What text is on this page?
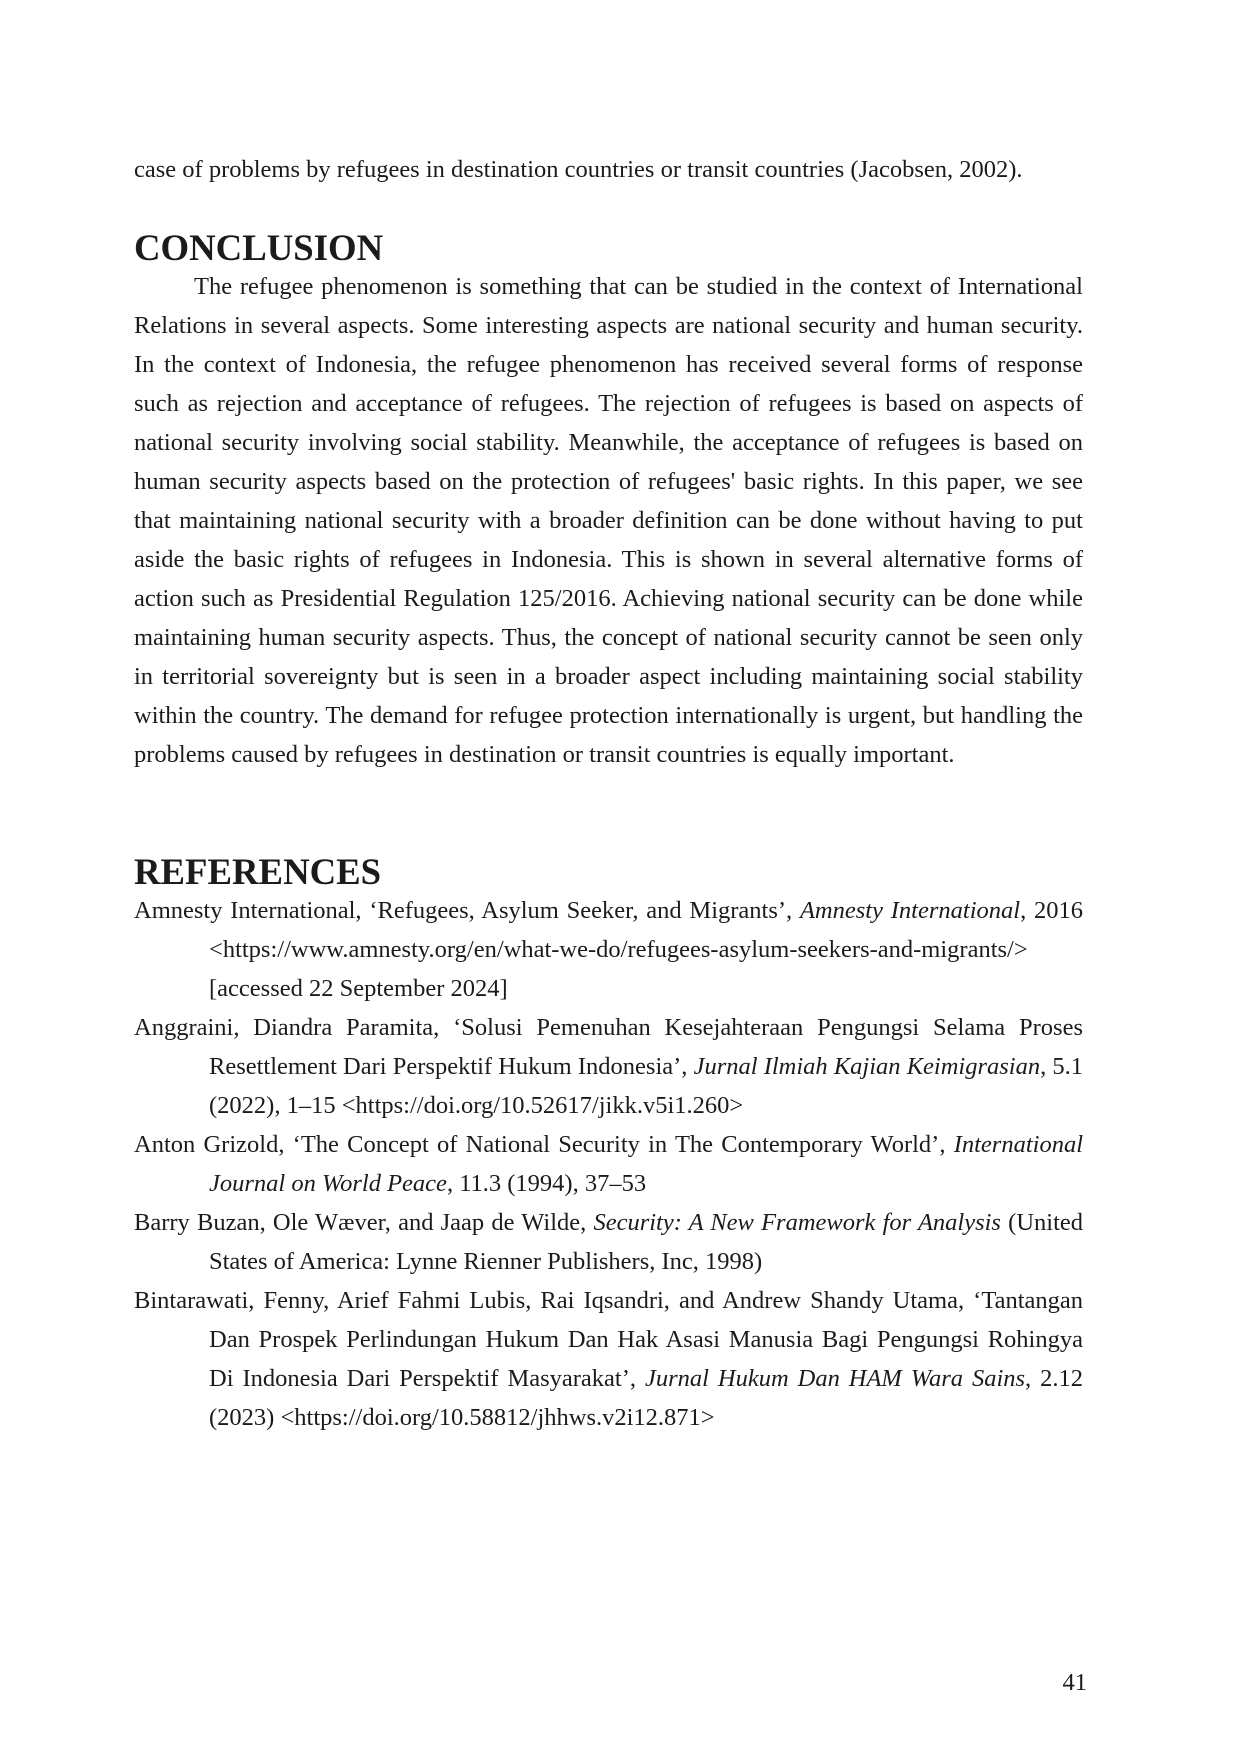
case of problems by refugees in destination countries or transit countries (Jacobsen, 2002).

CONCLUSION

The refugee phenomenon is something that can be studied in the context of International Relations in several aspects. Some interesting aspects are national security and human security. In the context of Indonesia, the refugee phenomenon has received several forms of response such as rejection and acceptance of refugees. The rejection of refugees is based on aspects of national security involving social stability. Meanwhile, the acceptance of refugees is based on human security aspects based on the protection of refugees' basic rights. In this paper, we see that maintaining national security with a broader definition can be done without having to put aside the basic rights of refugees in Indonesia. This is shown in several alternative forms of action such as Presidential Regulation 125/2016. Achieving national security can be done while maintaining human security aspects. Thus, the concept of national security cannot be seen only in territorial sovereignty but is seen in a broader aspect including maintaining social stability within the country. The demand for refugee protection internationally is urgent, but handling the problems caused by refugees in destination or transit countries is equally important.

REFERENCES

Amnesty International, ‘Refugees, Asylum Seeker, and Migrants’, Amnesty International, 2016 <https://www.amnesty.org/en/what-we-do/refugees-asylum-seekers-and-migrants/> [accessed 22 September 2024]

Anggraini, Diandra Paramita, ‘Solusi Pemenuhan Kesejahteraan Pengungsi Selama Proses Resettlement Dari Perspektif Hukum Indonesia’, Jurnal Ilmiah Kajian Keimigrasian, 5.1 (2022), 1–15 <https://doi.org/10.52617/jikk.v5i1.260>

Anton Grizold, ‘The Concept of National Security in The Contemporary World’, International Journal on World Peace, 11.3 (1994), 37–53

Barry Buzan, Ole Wæver, and Jaap de Wilde, Security: A New Framework for Analysis (United States of America: Lynne Rienner Publishers, Inc, 1998)

Bintarawati, Fenny, Arief Fahmi Lubis, Rai Iqsandri, and Andrew Shandy Utama, ‘Tantangan Dan Prospek Perlindungan Hukum Dan Hak Asasi Manusia Bagi Pengungsi Rohingya Di Indonesia Dari Perspektif Masyarakat’, Jurnal Hukum Dan HAM Wara Sains, 2.12 (2023) <https://doi.org/10.58812/jhhws.v2i12.871>

41
